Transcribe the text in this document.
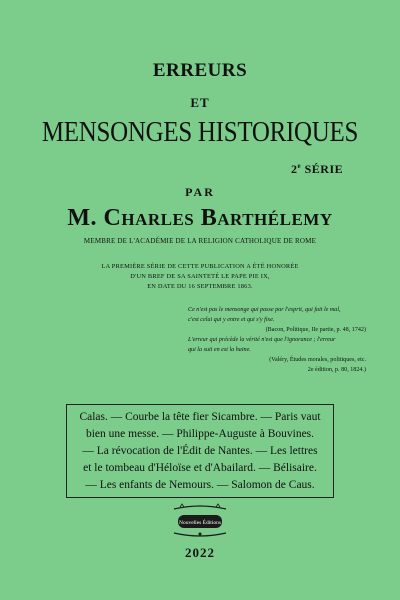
ERREURS
ET
MENSONGES HISTORIQUES
2e SÉRIE
PAR
M. Charles Barthélemy
MEMBRE DE L'ACADÉMIE DE LA RELIGION CATHOLIQUE DE ROME
LA PREMIÈRE SÉRIE DE CETTE PUBLICATION A ÉTÉ HONORÉE
D'UN BREF DE SA SAINTETÉ LE PAPE PIE IX,
EN DATE DU 16 SEPTEMBRE 1863.
Ce n'est pas le mensonge qui passe par l'esprit, qui fait le mal,
c'est celui qui y entre et qui s'y fixe.
(Bacon, Politique, IIe partie, p. 48, 1742)
L'erreur qui précède la vérité n'est que l'ignorance ; l'erreur
qui la suit en est la haine.
(Valéry, Études morales, politiques, etc.
2e édition, p. 80, 1824.)
Calas. — Courbe la tête fier Sicambre. — Paris vaut
bien une messe. — Philippe-Auguste à Bouvines.
— La révocation de l'Édit de Nantes. — Les lettres
et le tombeau d'Héloïse et d'Abailard. — Bélisaire.
— Les enfants de Nemours. — Salomon de Caus.
Nouvelles Éditions
2022
